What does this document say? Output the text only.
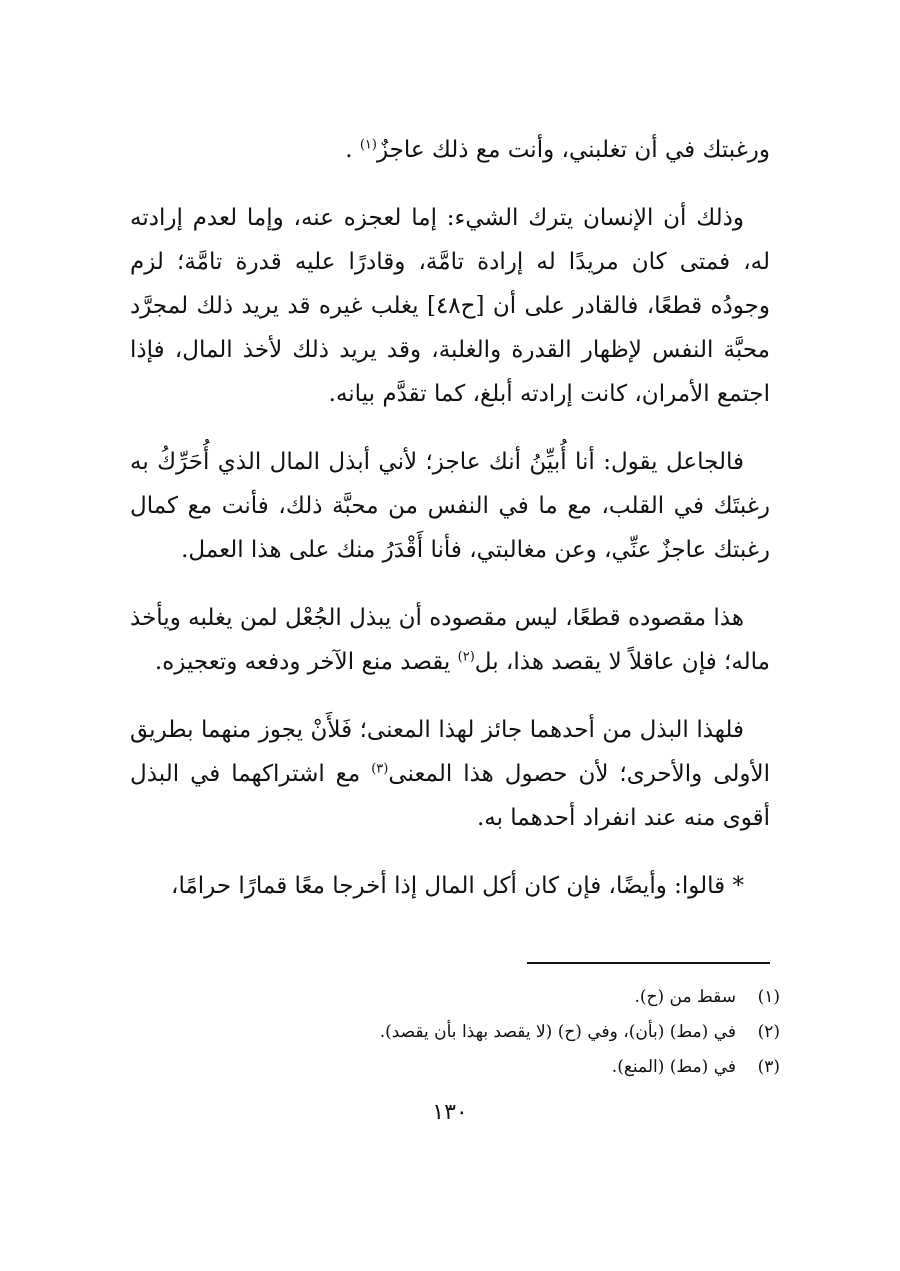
ورغبتك في أن تغلبني، وأنت مع ذلك عاجزٌ$^{(١)}$ .

وذلك أن الإنسان يترك الشيء: إما لعجزه عنه، وإما لعدم إرادته له، فمتى كان مريدًا له إرادة تامَّة، وقادرًا عليه قدرة تامَّة؛ لزم وجودُه قطعًا، فالقادر على أن [ح٤٨] يغلب غيره قد يريد ذلك لمجرَّد محبَّة النفس لإظهار القدرة والغلبة، وقد يريد ذلك لأخذ المال، فإذا اجتمع الأمران، كانت إرادته أبلغ، كما تقدَّم بيانه.

فالجاعل يقول: أنا أُبيِّنُ أنك عاجز؛ لأني أبذل المال الذي أُحَرِّكُ به رغبتَك في القلب، مع ما في النفس من محبَّة ذلك، فأنت مع كمال رغبتك عاجزٌ عنِّي، وعن مغالبتي، فأنا أَقْدَرُ منك على هذا العمل.

هذا مقصوده قطعًا، ليس مقصوده أن يبذل الجُعْل لمن يغلبه ويأخذ ماله؛ فإن عاقلاً لا يقصد هذا، بل$^{(٢)}$ يقصد منع الآخر ودفعه وتعجيزه.

فلهذا البذل من أحدهما جائز لهذا المعنى؛ فَلأَنْ يجوز منهما بطريق الأولى والأحرى؛ لأن حصول هذا المعنى$^{(٣)}$ مع اشتراكهما في البذل أقوى منه عند انفراد أحدهما به.

* قالوا: وأيضًا، فإن كان أكل المال إذا أخرجا معًا قمارًا حرامًا،

(١)
سقط من (ح).
(٢)
في (مط) (بأن)، وفي (ح) (لا يقصد بهذا بأن يقصد).
(٣)
في (مط) (المنع).
١٣٠
